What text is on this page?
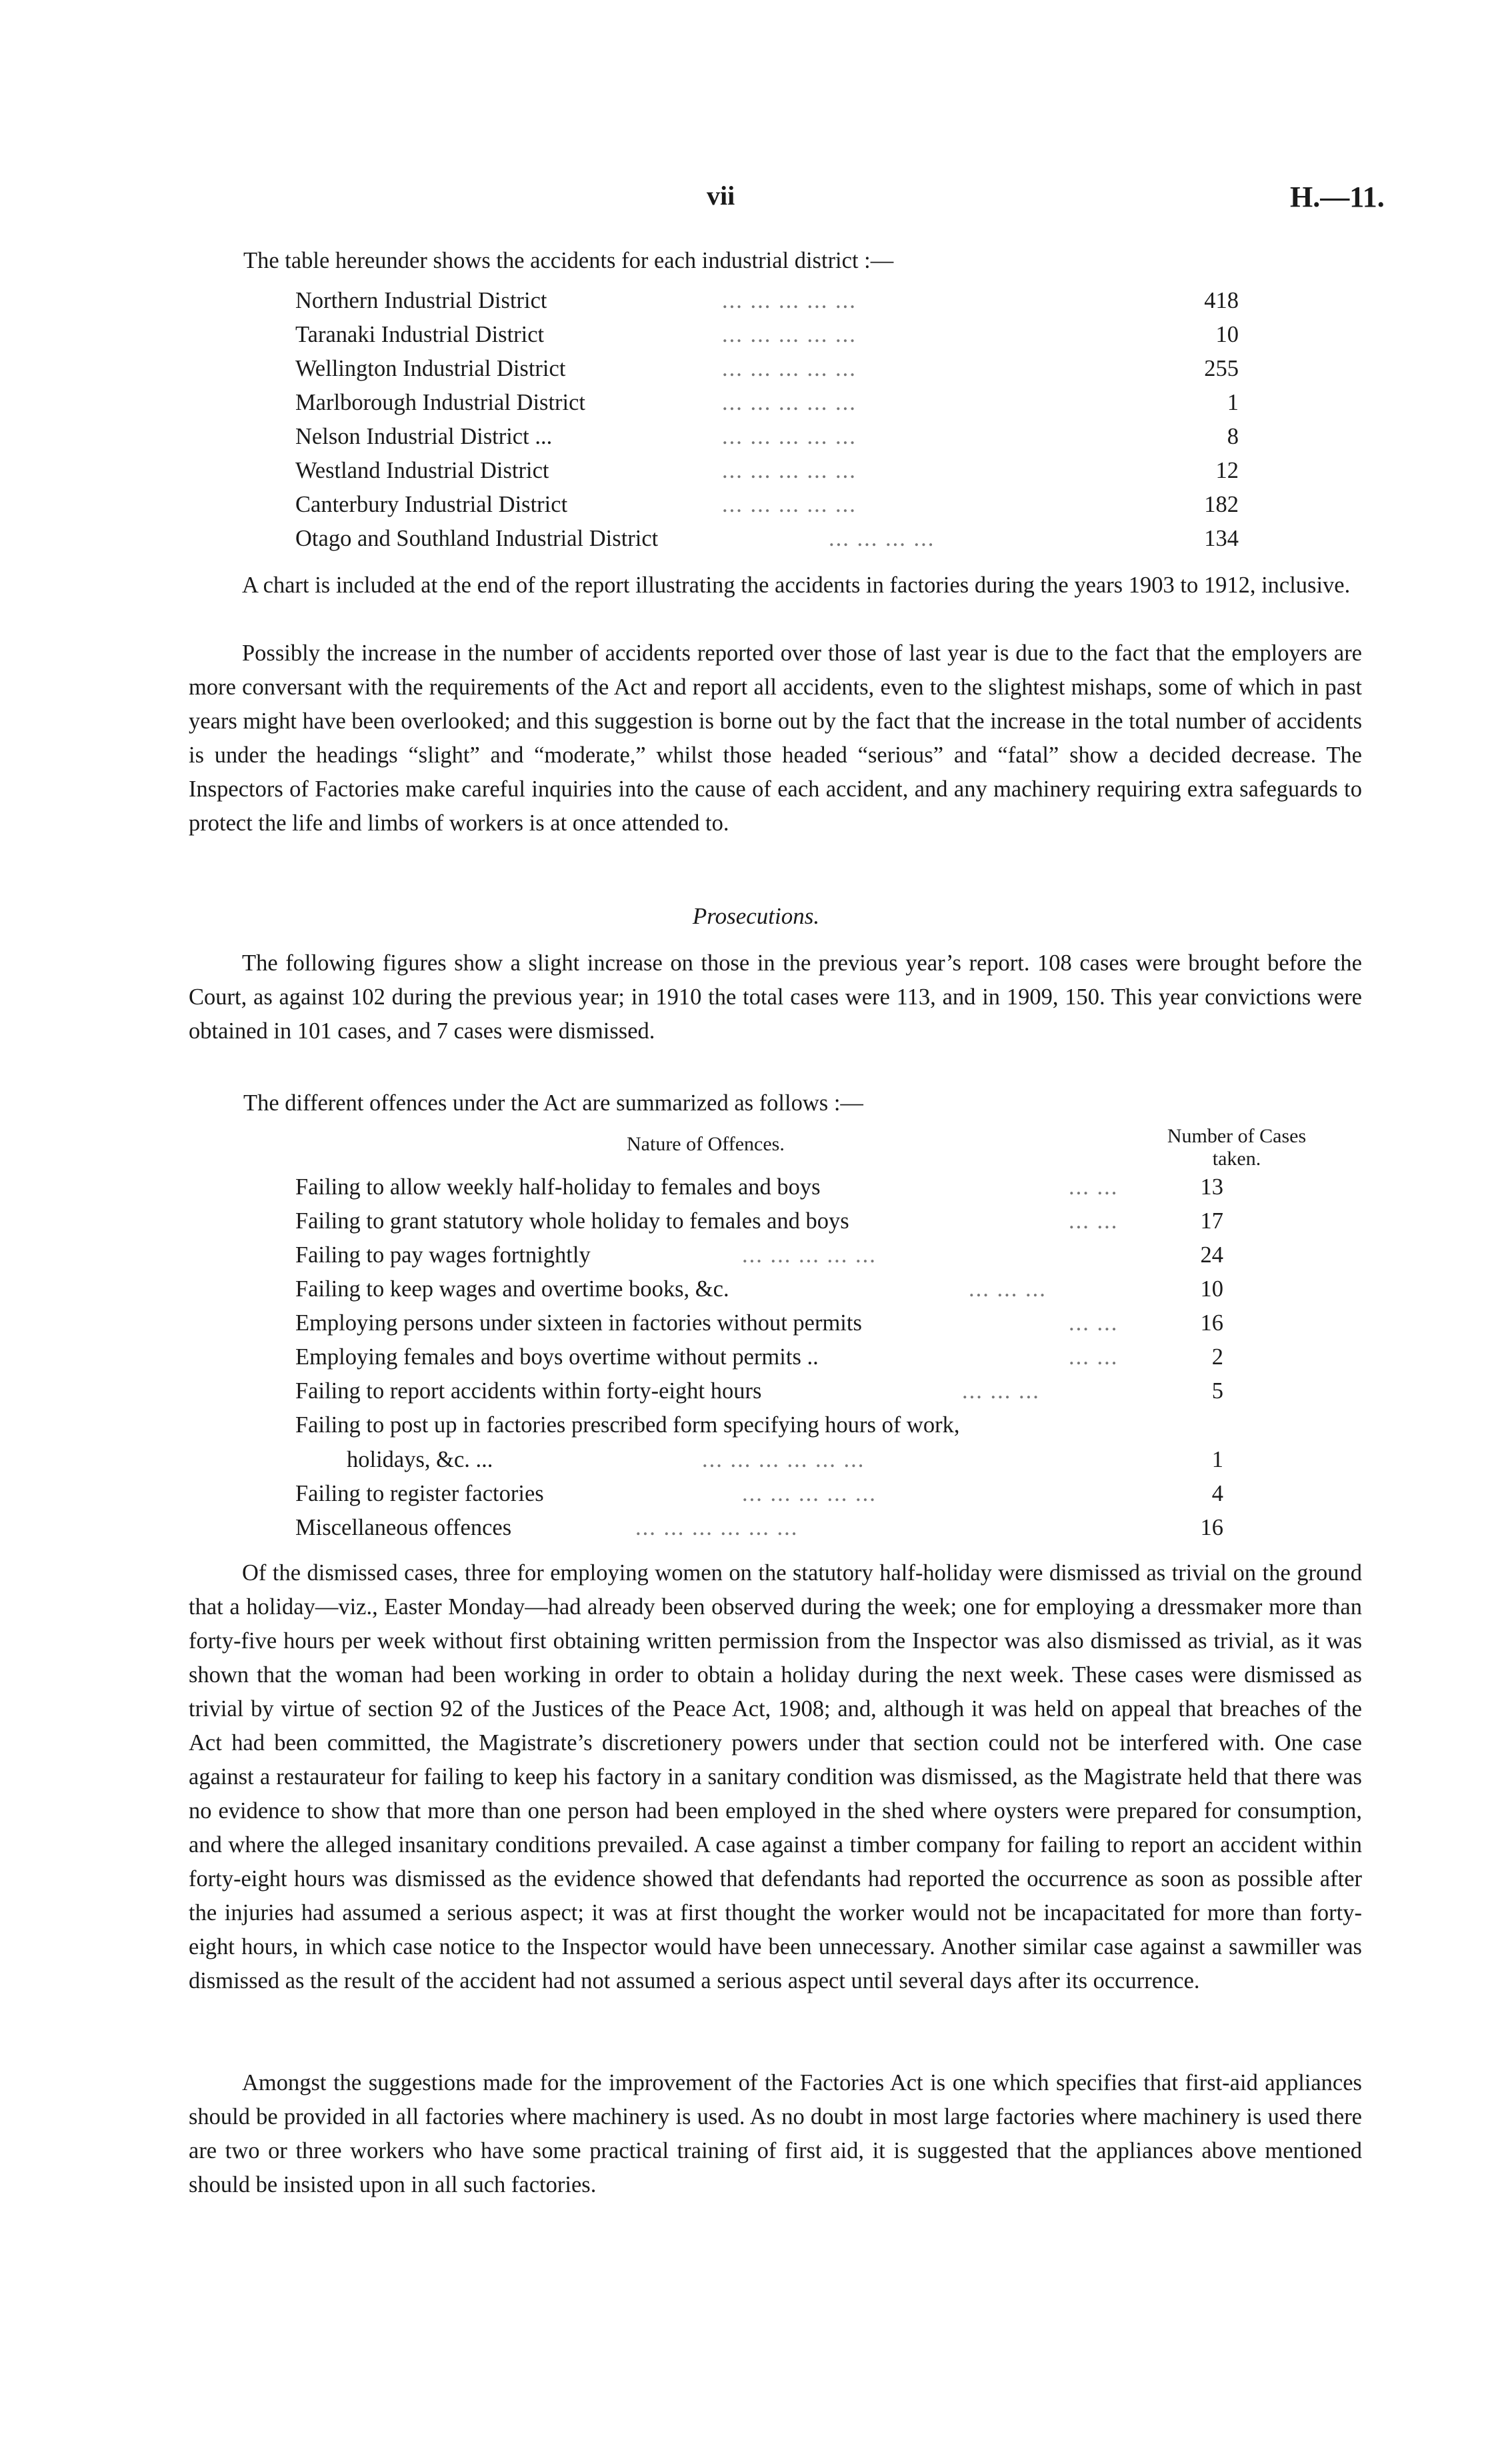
vii	H.—11.
The table hereunder shows the accidents for each industrial district :—
Northern Industrial District	... ... ... ... ...	418
Taranaki Industrial District	... ... ... ... ...	10
Wellington Industrial District	... ... ... ... ...	255
Marlborough Industrial District	... ... ... ... ...	1
Nelson Industrial District ...	... ... ... ... ...	8
Westland Industrial District	... ... ... ... ...	12
Canterbury Industrial District	... ... ... ... ...	182
Otago and Southland Industrial District	... ... ... ...	134

A chart is included at the end of the report illustrating the accidents in factories during the years 1903 to 1912, inclusive.

Possibly the increase in the number of accidents reported over those of last year is due to the fact that the employers are more conversant with the requirements of the Act and report all accidents, even to the slightest mishaps, some of which in past years might have been overlooked; and this suggestion is borne out by the fact that the increase in the total number of accidents is under the headings “slight” and “moderate,” whilst those headed “serious” and “fatal” show a decided decrease. The Inspectors of Factories make careful inquiries into the cause of each accident, and any machinery requiring extra safeguards to protect the life and limbs of workers is at once attended to.

Prosecutions.

The following figures show a slight increase on those in the previous year’s report. 108 cases were brought before the Court, as against 102 during the previous year; in 1910 the total cases were 113, and in 1909, 150. This year convictions were obtained in 101 cases, and 7 cases were dismissed.

The different offences under the Act are summarized as follows :—
Nature of Offences.	Number of Cases taken.
Failing to allow weekly half-holiday to females and boys	... ...	13
Failing to grant statutory whole holiday to females and boys	... ...	17
Failing to pay wages fortnightly	... ... ... ... ...	24
Failing to keep wages and overtime books, &c.	... ... ...	10
Employing persons under sixteen in factories without permits	... ...	16
Employing females and boys overtime without permits ..	... ...	2
Failing to report accidents within forty-eight hours	... ... ...	5
Failing to post up in factories prescribed form specifying hours of work,
holidays, &c. ...	... ... ... ... ... ...	1
Failing to register factories	... ... ... ... ...	4
Miscellaneous offences	... ... ... ... ... ...	16

Of the dismissed cases, three for employing women on the statutory half-holiday were dismissed as trivial on the ground that a holiday—viz., Easter Monday—had already been observed during the week; one for employing a dressmaker more than forty-five hours per week without first obtaining written permission from the Inspector was also dismissed as trivial, as it was shown that the woman had been working in order to obtain a holiday during the next week. These cases were dismissed as trivial by virtue of section 92 of the Justices of the Peace Act, 1908; and, although it was held on appeal that breaches of the Act had been committed, the Magistrate’s discretionery powers under that section could not be interfered with. One case against a restaurateur for failing to keep his factory in a sanitary condition was dismissed, as the Magistrate held that there was no evidence to show that more than one person had been employed in the shed where oysters were prepared for consumption, and where the alleged insanitary conditions prevailed. A case against a timber company for failing to report an accident within forty-eight hours was dismissed as the evidence showed that defendants had reported the occurrence as soon as possible after the injuries had assumed a serious aspect; it was at first thought the worker would not be incapacitated for more than forty-eight hours, in which case notice to the Inspector would have been unnecessary. Another similar case against a sawmiller was dismissed as the result of the accident had not assumed a serious aspect until several days after its occurrence.

Amongst the suggestions made for the improvement of the Factories Act is one which specifies that first-aid appliances should be provided in all factories where machinery is used. As no doubt in most large factories where machinery is used there are two or three workers who have some practical training of first aid, it is suggested that the appliances above mentioned should be insisted upon in all such factories.
